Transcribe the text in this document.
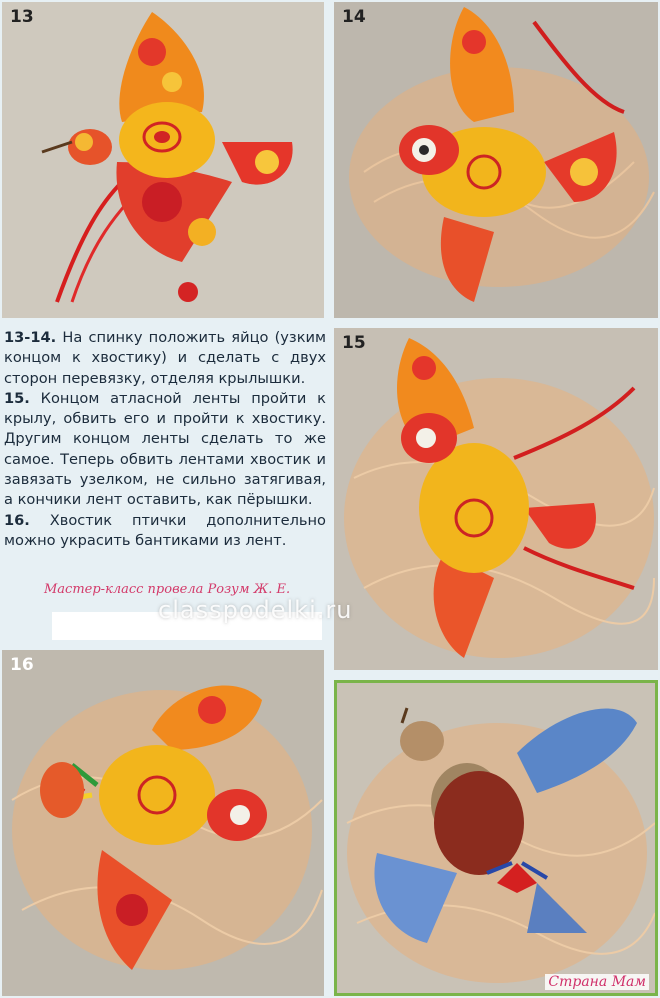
13	14

13-14. На спинку положить яйцо (узким концом к хвостику) и сделать с двух сторон перевязку, отделяя крылышки.

15. Концом атласной ленты пройти к крылу, обвить его и пройти к хвостику. Другим концом ленты сделать то же самое. Теперь обвить лентами хвостик и завязать узелком, не сильно затягивая, а кончики лент оставить, как пёрышки.

16. Хвостик птички дополнительно можно украсить бантиками из лент.

15
Мастер-класс провела Розум Ж. Е.
classpodelki.ru
16
Страна Мам
